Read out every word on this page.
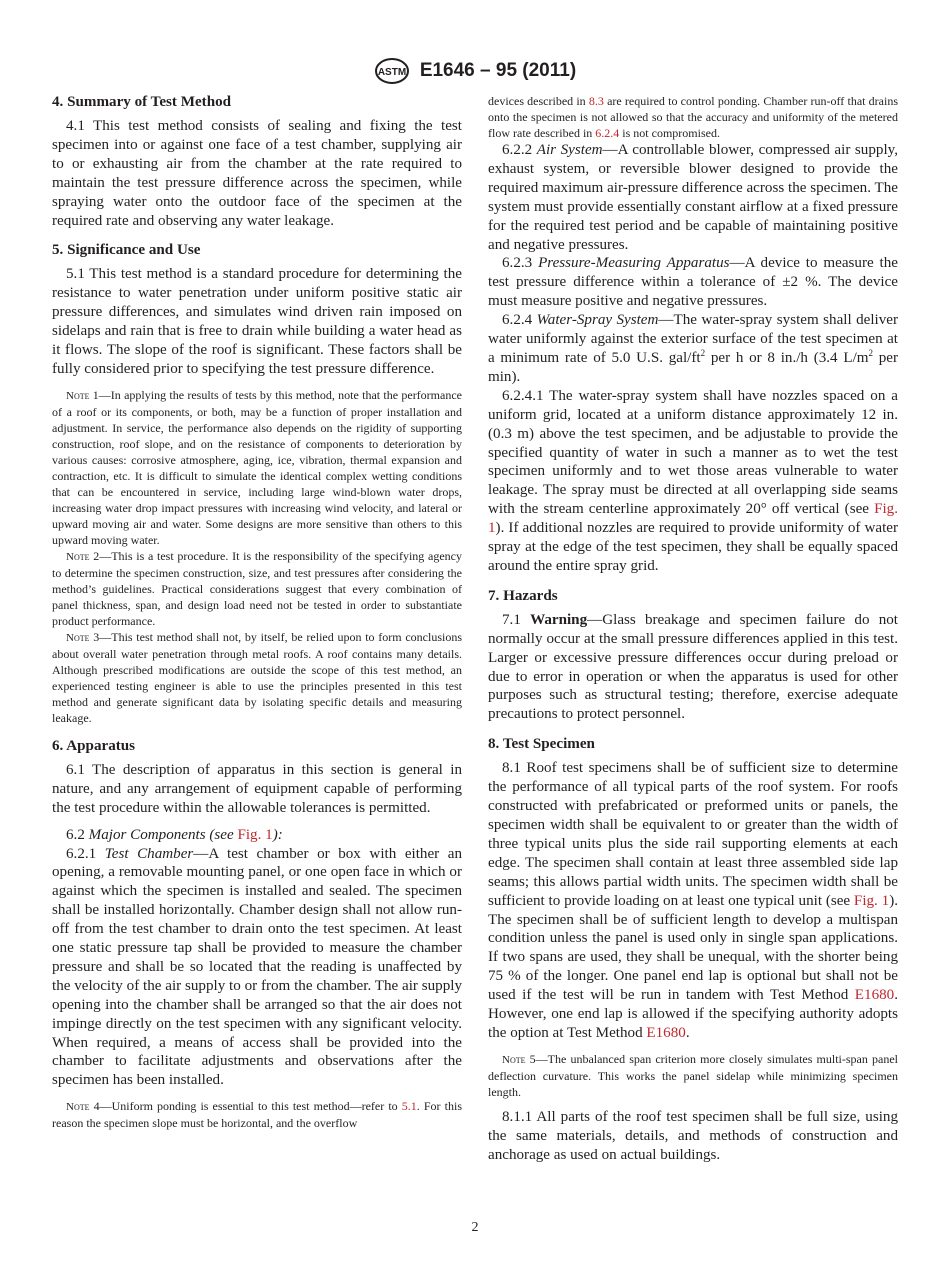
ASTM E1646 – 95 (2011)
4. Summary of Test Method
4.1 This test method consists of sealing and fixing the test specimen into or against one face of a test chamber, supplying air to or exhausting air from the chamber at the rate required to maintain the test pressure difference across the specimen, while spraying water onto the outdoor face of the specimen at the required rate and observing any water leakage.
5. Significance and Use
5.1 This test method is a standard procedure for determining the resistance to water penetration under uniform positive static air pressure differences, and simulates wind driven rain imposed on sidelaps and rain that is free to drain while building a water head as it flows. The slope of the roof is significant. These factors shall be fully considered prior to specifying the test pressure difference.
Note 1—In applying the results of tests by this method, note that the performance of a roof or its components, or both, may be a function of proper installation and adjustment. In service, the performance also depends on the rigidity of supporting construction, roof slope, and on the resistance of components to deterioration by various causes: corrosive atmosphere, aging, ice, vibration, thermal expansion and contraction, etc. It is difficult to simulate the identical complex wetting conditions that can be encountered in service, including large wind-blown water drops, increasing water drop impact pressures with increasing wind velocity, and lateral or upward moving air and water. Some designs are more sensitive than others to this upward moving water.
Note 2—This is a test procedure. It is the responsibility of the specifying agency to determine the specimen construction, size, and test pressures after considering the method’s guidelines. Practical considerations suggest that every combination of panel thickness, span, and design load need not be tested in order to substantiate product performance.
Note 3—This test method shall not, by itself, be relied upon to form conclusions about overall water penetration through metal roofs. A roof contains many details. Although prescribed modifications are outside the scope of this test method, an experienced testing engineer is able to use the principles presented in this test method and generate significant data by isolating specific details and measuring leakage.
6. Apparatus
6.1 The description of apparatus in this section is general in nature, and any arrangement of equipment capable of performing the test procedure within the allowable tolerances is permitted.
6.2 Major Components (see Fig. 1):
6.2.1 Test Chamber—A test chamber or box with either an opening, a removable mounting panel, or one open face in which or against which the specimen is installed and sealed. The specimen shall be installed horizontally. Chamber design shall not allow run-off from the test chamber to drain onto the test specimen. At least one static pressure tap shall be provided to measure the chamber pressure and shall be so located that the reading is unaffected by the velocity of the air supply to or from the chamber. The air supply opening into the chamber shall be arranged so that the air does not impinge directly on the test specimen with any significant velocity. When required, a means of access shall be provided into the chamber to facilitate adjustments and observations after the specimen has been installed.
Note 4—Uniform ponding is essential to this test method—refer to 5.1. For this reason the specimen slope must be horizontal, and the overflow
devices described in 8.3 are required to control ponding. Chamber run-off that drains onto the specimen is not allowed so that the accuracy and uniformity of the metered flow rate described in 6.2.4 is not compromised.
6.2.2 Air System—A controllable blower, compressed air supply, exhaust system, or reversible blower designed to provide the required maximum air-pressure difference across the specimen. The system must provide essentially constant airflow at a fixed pressure for the required test period and be capable of maintaining positive and negative pressures.
6.2.3 Pressure-Measuring Apparatus—A device to measure the test pressure difference within a tolerance of ±2 %. The device must measure positive and negative pressures.
6.2.4 Water-Spray System—The water-spray system shall deliver water uniformly against the exterior surface of the test specimen at a minimum rate of 5.0 U.S. gal/$ft^2$ per h or 8 in./h (3.4 $L/m^2$ per min).
6.2.4.1 The water-spray system shall have nozzles spaced on a uniform grid, located at a uniform distance approximately 12 in. (0.3 m) above the test specimen, and be adjustable to provide the specified quantity of water in such a manner as to wet the test specimen uniformly and to wet those areas vulnerable to water leakage. The spray must be directed at all overlapping side seams with the stream centerline approximately 20° off vertical (see Fig. 1). If additional nozzles are required to provide uniformity of water spray at the edge of the test specimen, they shall be equally spaced around the entire spray grid.
7. Hazards
7.1 Warning—Glass breakage and specimen failure do not normally occur at the small pressure differences applied in this test. Larger or excessive pressure differences occur during preload or due to error in operation or when the apparatus is used for other purposes such as structural testing; therefore, exercise adequate precautions to protect personnel.
8. Test Specimen
8.1 Roof test specimens shall be of sufficient size to determine the performance of all typical parts of the roof system. For roofs constructed with prefabricated or preformed units or panels, the specimen width shall be equivalent to or greater than the width of three typical units plus the side rail supporting elements at each edge. The specimen shall contain at least three assembled side lap seams; this allows partial width units. The specimen width shall be sufficient to provide loading on at least one typical unit (see Fig. 1). The specimen shall be of sufficient length to develop a multispan condition unless the panel is used only in single span applications. If two spans are used, they shall be unequal, with the shorter being 75 % of the longer. One panel end lap is optional but shall not be used if the test will be run in tandem with Test Method E1680. However, one end lap is allowed if the specifying authority adopts the option at Test Method E1680.
Note 5—The unbalanced span criterion more closely simulates multi-span panel deflection curvature. This works the panel sidelap while minimizing specimen length.
8.1.1 All parts of the roof test specimen shall be full size, using the same materials, details, and methods of construction and anchorage as used on actual buildings.
2
